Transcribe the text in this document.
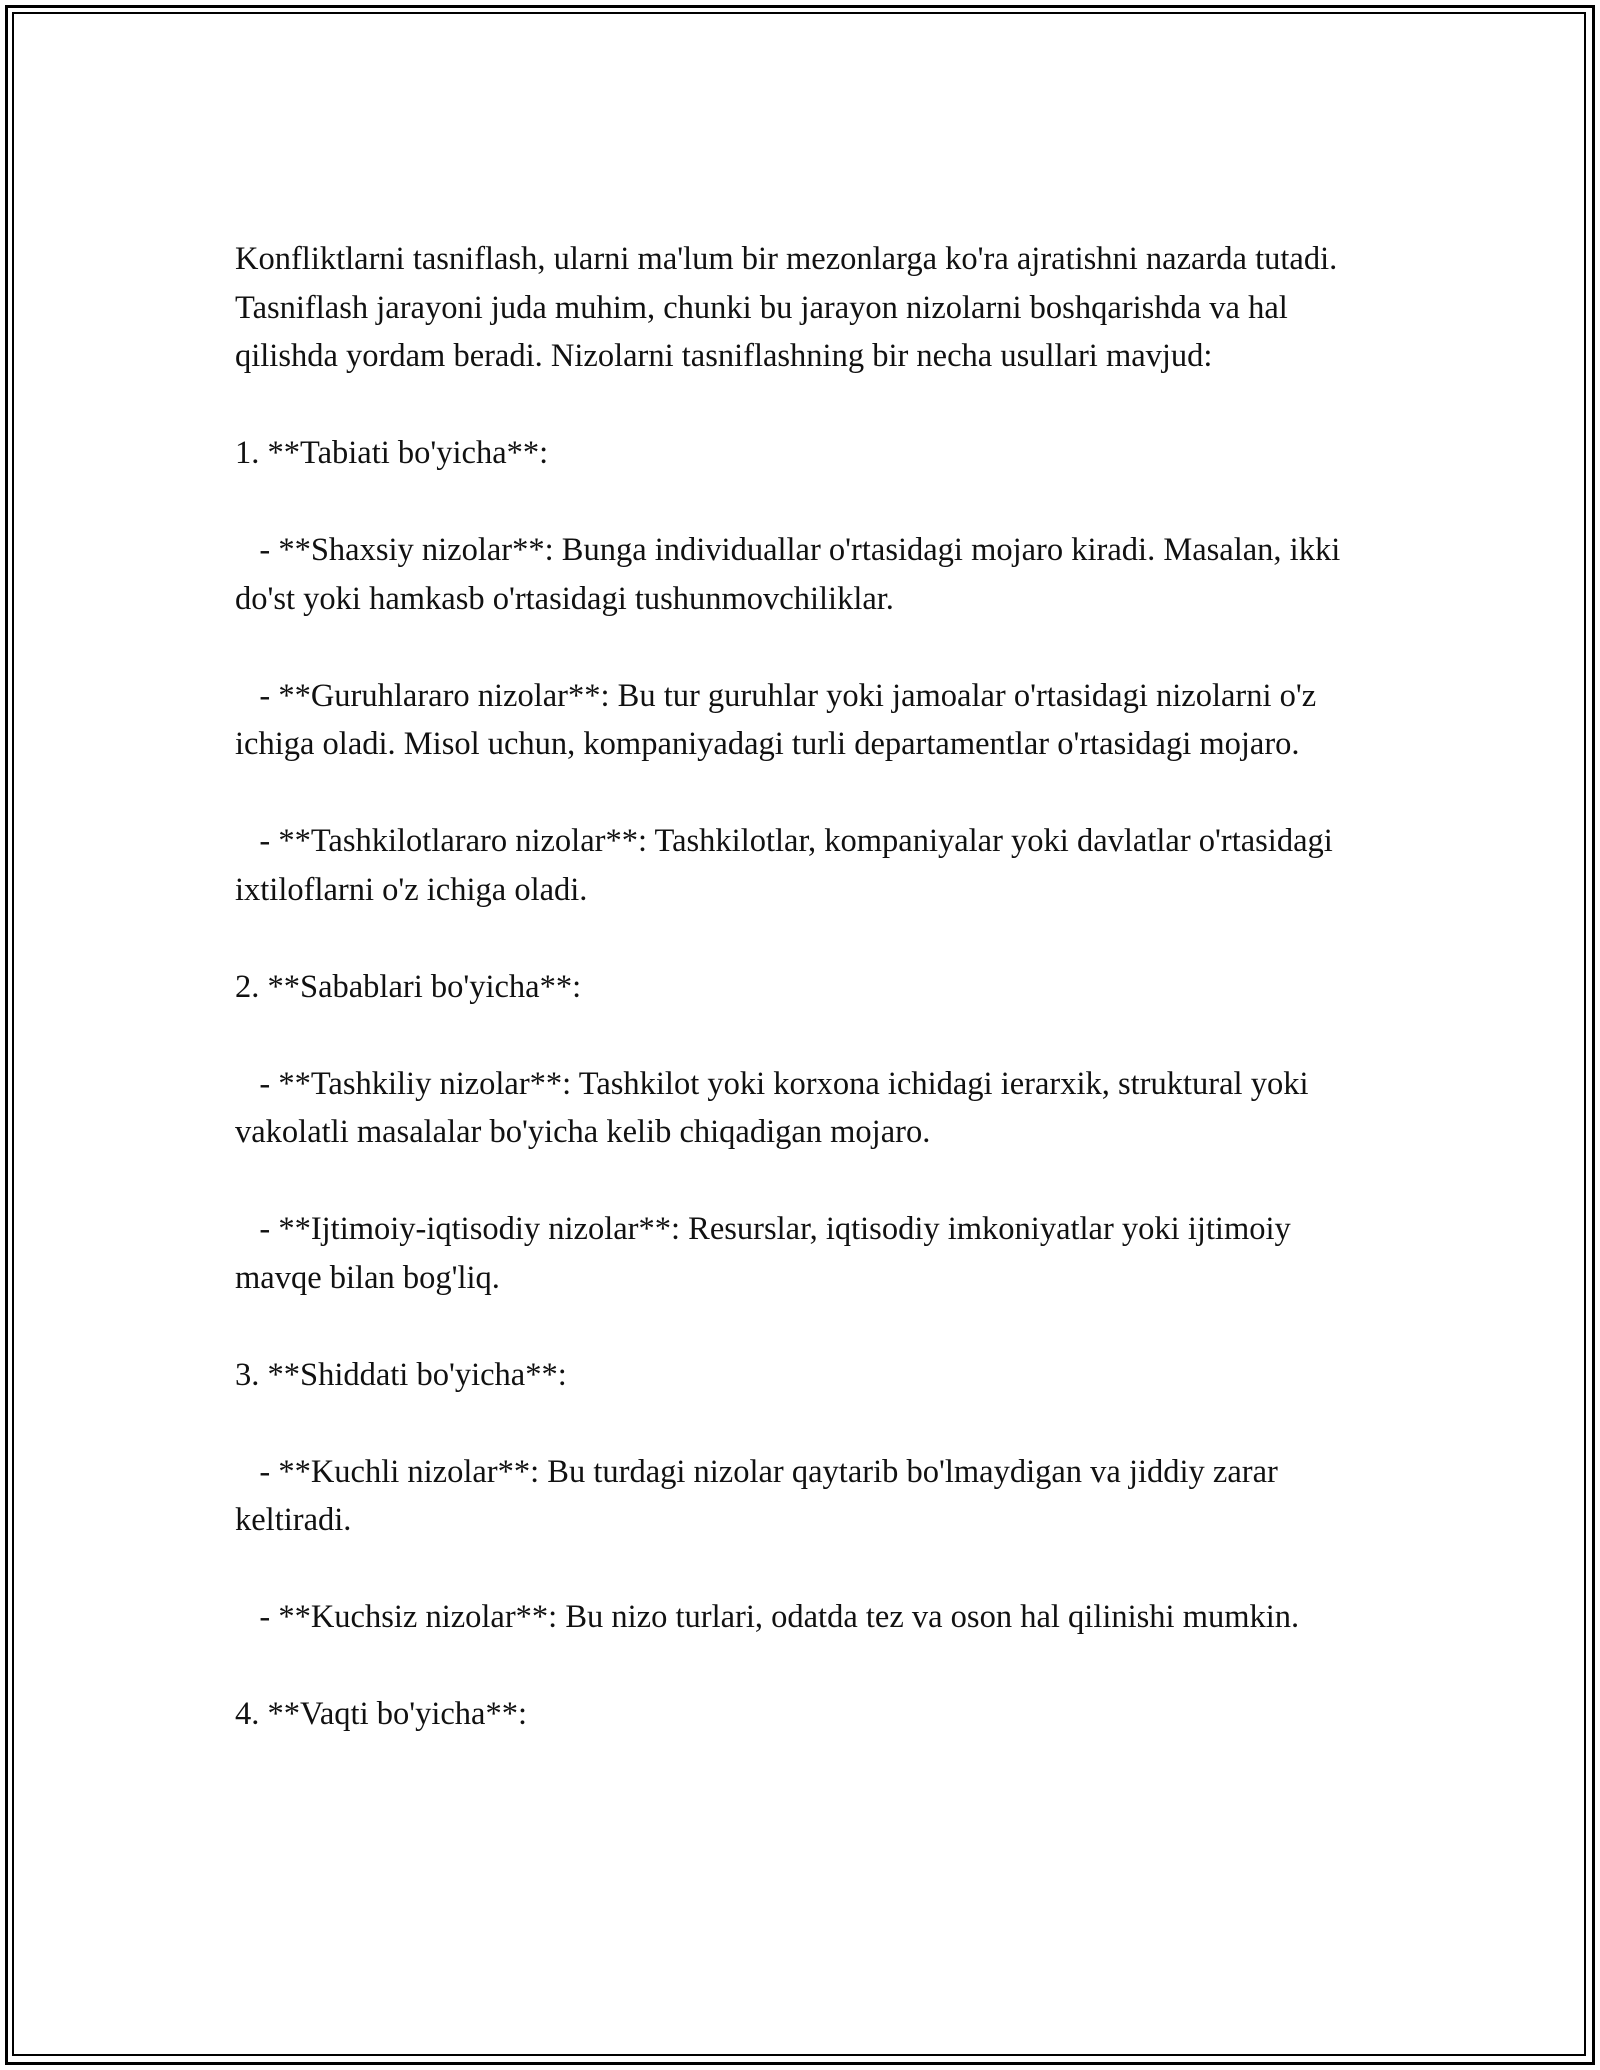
Konfliktlarni tasniflash, ularni ma'lum bir mezonlarga ko'ra ajratishni nazarda tutadi. Tasniflash jarayoni juda muhim, chunki bu jarayon nizolarni boshqarishda va hal qilishda yordam beradi. Nizolarni tasniflashning bir necha usullari mavjud:

1. **Tabiati bo'yicha**:

- **Shaxsiy nizolar**: Bunga individuallar o'rtasidagi mojaro kiradi. Masalan, ikki do'st yoki hamkasb o'rtasidagi tushunmovchiliklar.

- **Guruhlararo nizolar**: Bu tur guruhlar yoki jamoalar o'rtasidagi nizolarni o'z ichiga oladi. Misol uchun, kompaniyadagi turli departamentlar o'rtasidagi mojaro.

- **Tashkilotlararo nizolar**: Tashkilotlar, kompaniyalar yoki davlatlar o'rtasidagi ixtiloflarni o'z ichiga oladi.

2. **Sabablari bo'yicha**:

- **Tashkiliy nizolar**: Tashkilot yoki korxona ichidagi ierarxik, struktural yoki vakolatli masalalar bo'yicha kelib chiqadigan mojaro.

- **Ijtimoiy-iqtisodiy nizolar**: Resurslar, iqtisodiy imkoniyatlar yoki ijtimoiy mavqe bilan bog'liq.

3. **Shiddati bo'yicha**:

- **Kuchli nizolar**: Bu turdagi nizolar qaytarib bo'lmaydigan va jiddiy zarar keltiradi.

- **Kuchsiz nizolar**: Bu nizo turlari, odatda tez va oson hal qilinishi mumkin.

4. **Vaqti bo'yicha**:
